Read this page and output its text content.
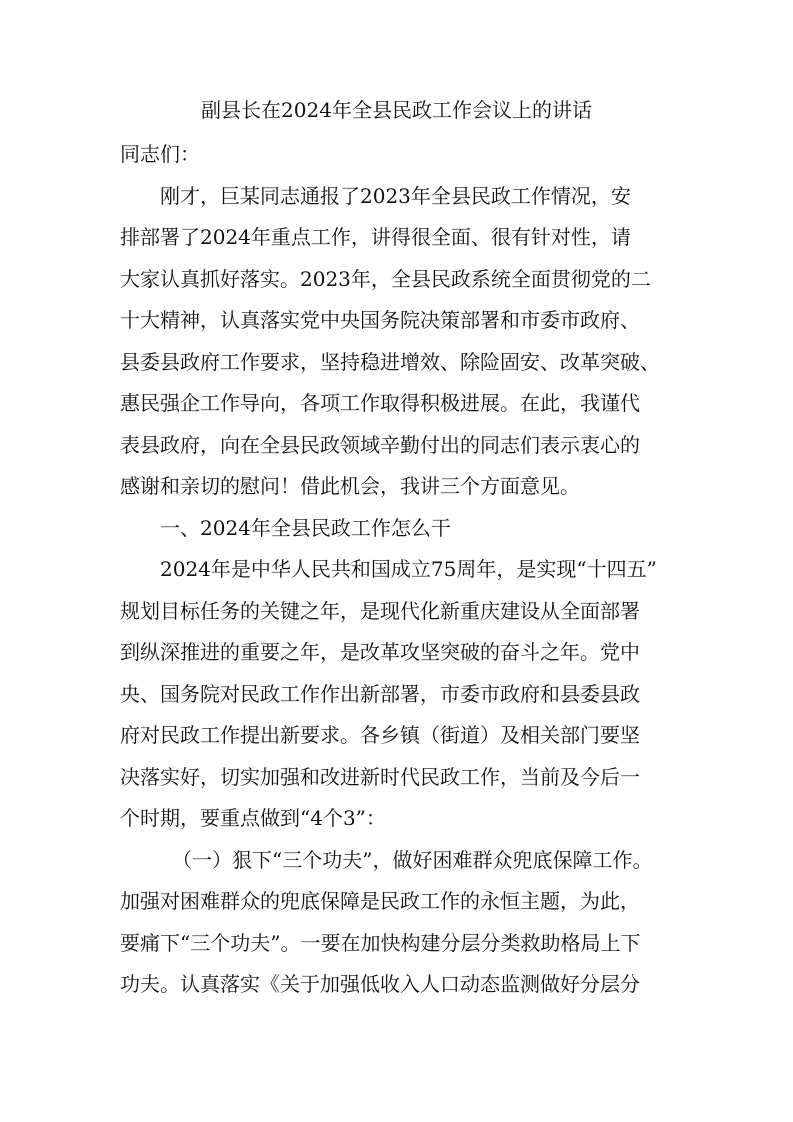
副县长在2024年全县民政工作会议上的讲话
同志们：
刚才，巨某同志通报了2023年全县民政工作情况，安
排部署了2024年重点工作，讲得很全面、很有针对性，请
大家认真抓好落实。2023年，全县民政系统全面贯彻党的二
十大精神，认真落实党中央国务院决策部署和市委市政府、
县委县政府工作要求，坚持稳进增效、除险固安、改革突破、
惠民强企工作导向，各项工作取得积极进展。在此，我谨代
表县政府，向在全县民政领域辛勤付出的同志们表示衷心的
感谢和亲切的慰问！借此机会，我讲三个方面意见。
一、2024年全县民政工作怎么干
2024年是中华人民共和国成立75周年，是实现“十四五”
规划目标任务的关键之年，是现代化新重庆建设从全面部署
到纵深推进的重要之年，是改革攻坚突破的奋斗之年。党中
央、国务院对民政工作作出新部署，市委市政府和县委县政
府对民政工作提出新要求。各乡镇（街道）及相关部门要坚
决落实好，切实加强和改进新时代民政工作，当前及今后一
个时期，要重点做到“4个3”：
（一）狠下“三个功夫”，做好困难群众兜底保障工作。
加强对困难群众的兜底保障是民政工作的永恒主题，为此，
要痛下“三个功夫”。一要在加快构建分层分类救助格局上下
功夫。认真落实《关于加强低收入人口动态监测做好分层分
